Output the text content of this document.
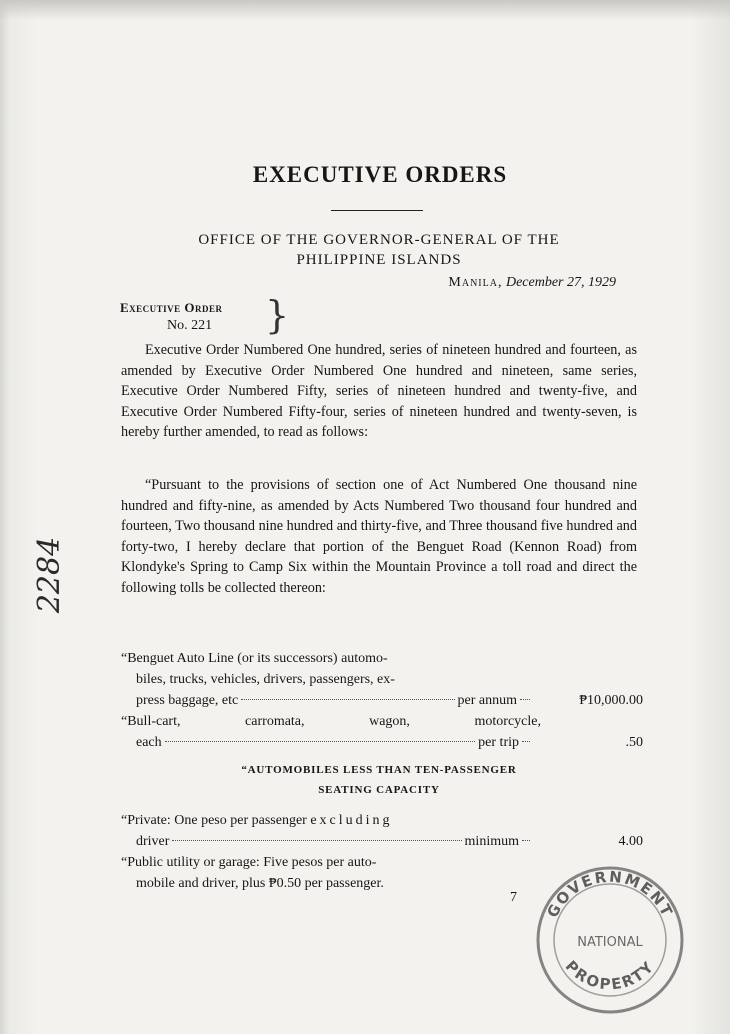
EXECUTIVE ORDERS
OFFICE OF THE GOVERNOR-GENERAL OF THE
PHILIPPINE ISLANDS
Manila, December 27, 1929
Executive Order
No. 221 }

Executive Order Numbered One hundred, series of nineteen hundred and fourteen, as amended by Executive Order Numbered One hundred and nineteen, same series, Executive Order Numbered Fifty, series of nineteen hundred and twenty-five, and Executive Order Numbered Fifty-four, series of nineteen hundred and twenty-seven, is hereby further amended, to read as follows:

“Pursuant to the provisions of section one of Act Numbered One thousand nine hundred and fifty-nine, as amended by Acts Numbered Two thousand four hundred and fourteen, Two thousand nine hundred and thirty-five, and Three thousand five hundred and forty-two, I hereby declare that portion of the Benguet Road (Kennon Road) from Klondyke's Spring to Camp Six within the Mountain Province a toll road and direct the following tolls be collected thereon:

“Benguet Auto Line (or its successors) automo-
biles, trucks, vehicles, drivers, passengers, ex-
press baggage, etc	per annum	₱10,000.00
“Bull-cart, carromata, wagon, motorcycle,
each	per trip	.50
“AUTOMOBILES LESS THAN TEN-PASSENGER
SEATING CAPACITY
“Private: One peso per passenger excluding
driver	minimum	4.00
“Public utility or garage: Five pesos per auto-
mobile and driver, plus ₱0.50 per passenger.
7
2284
GOVERNMENT
NATIONAL
PROPERTY
